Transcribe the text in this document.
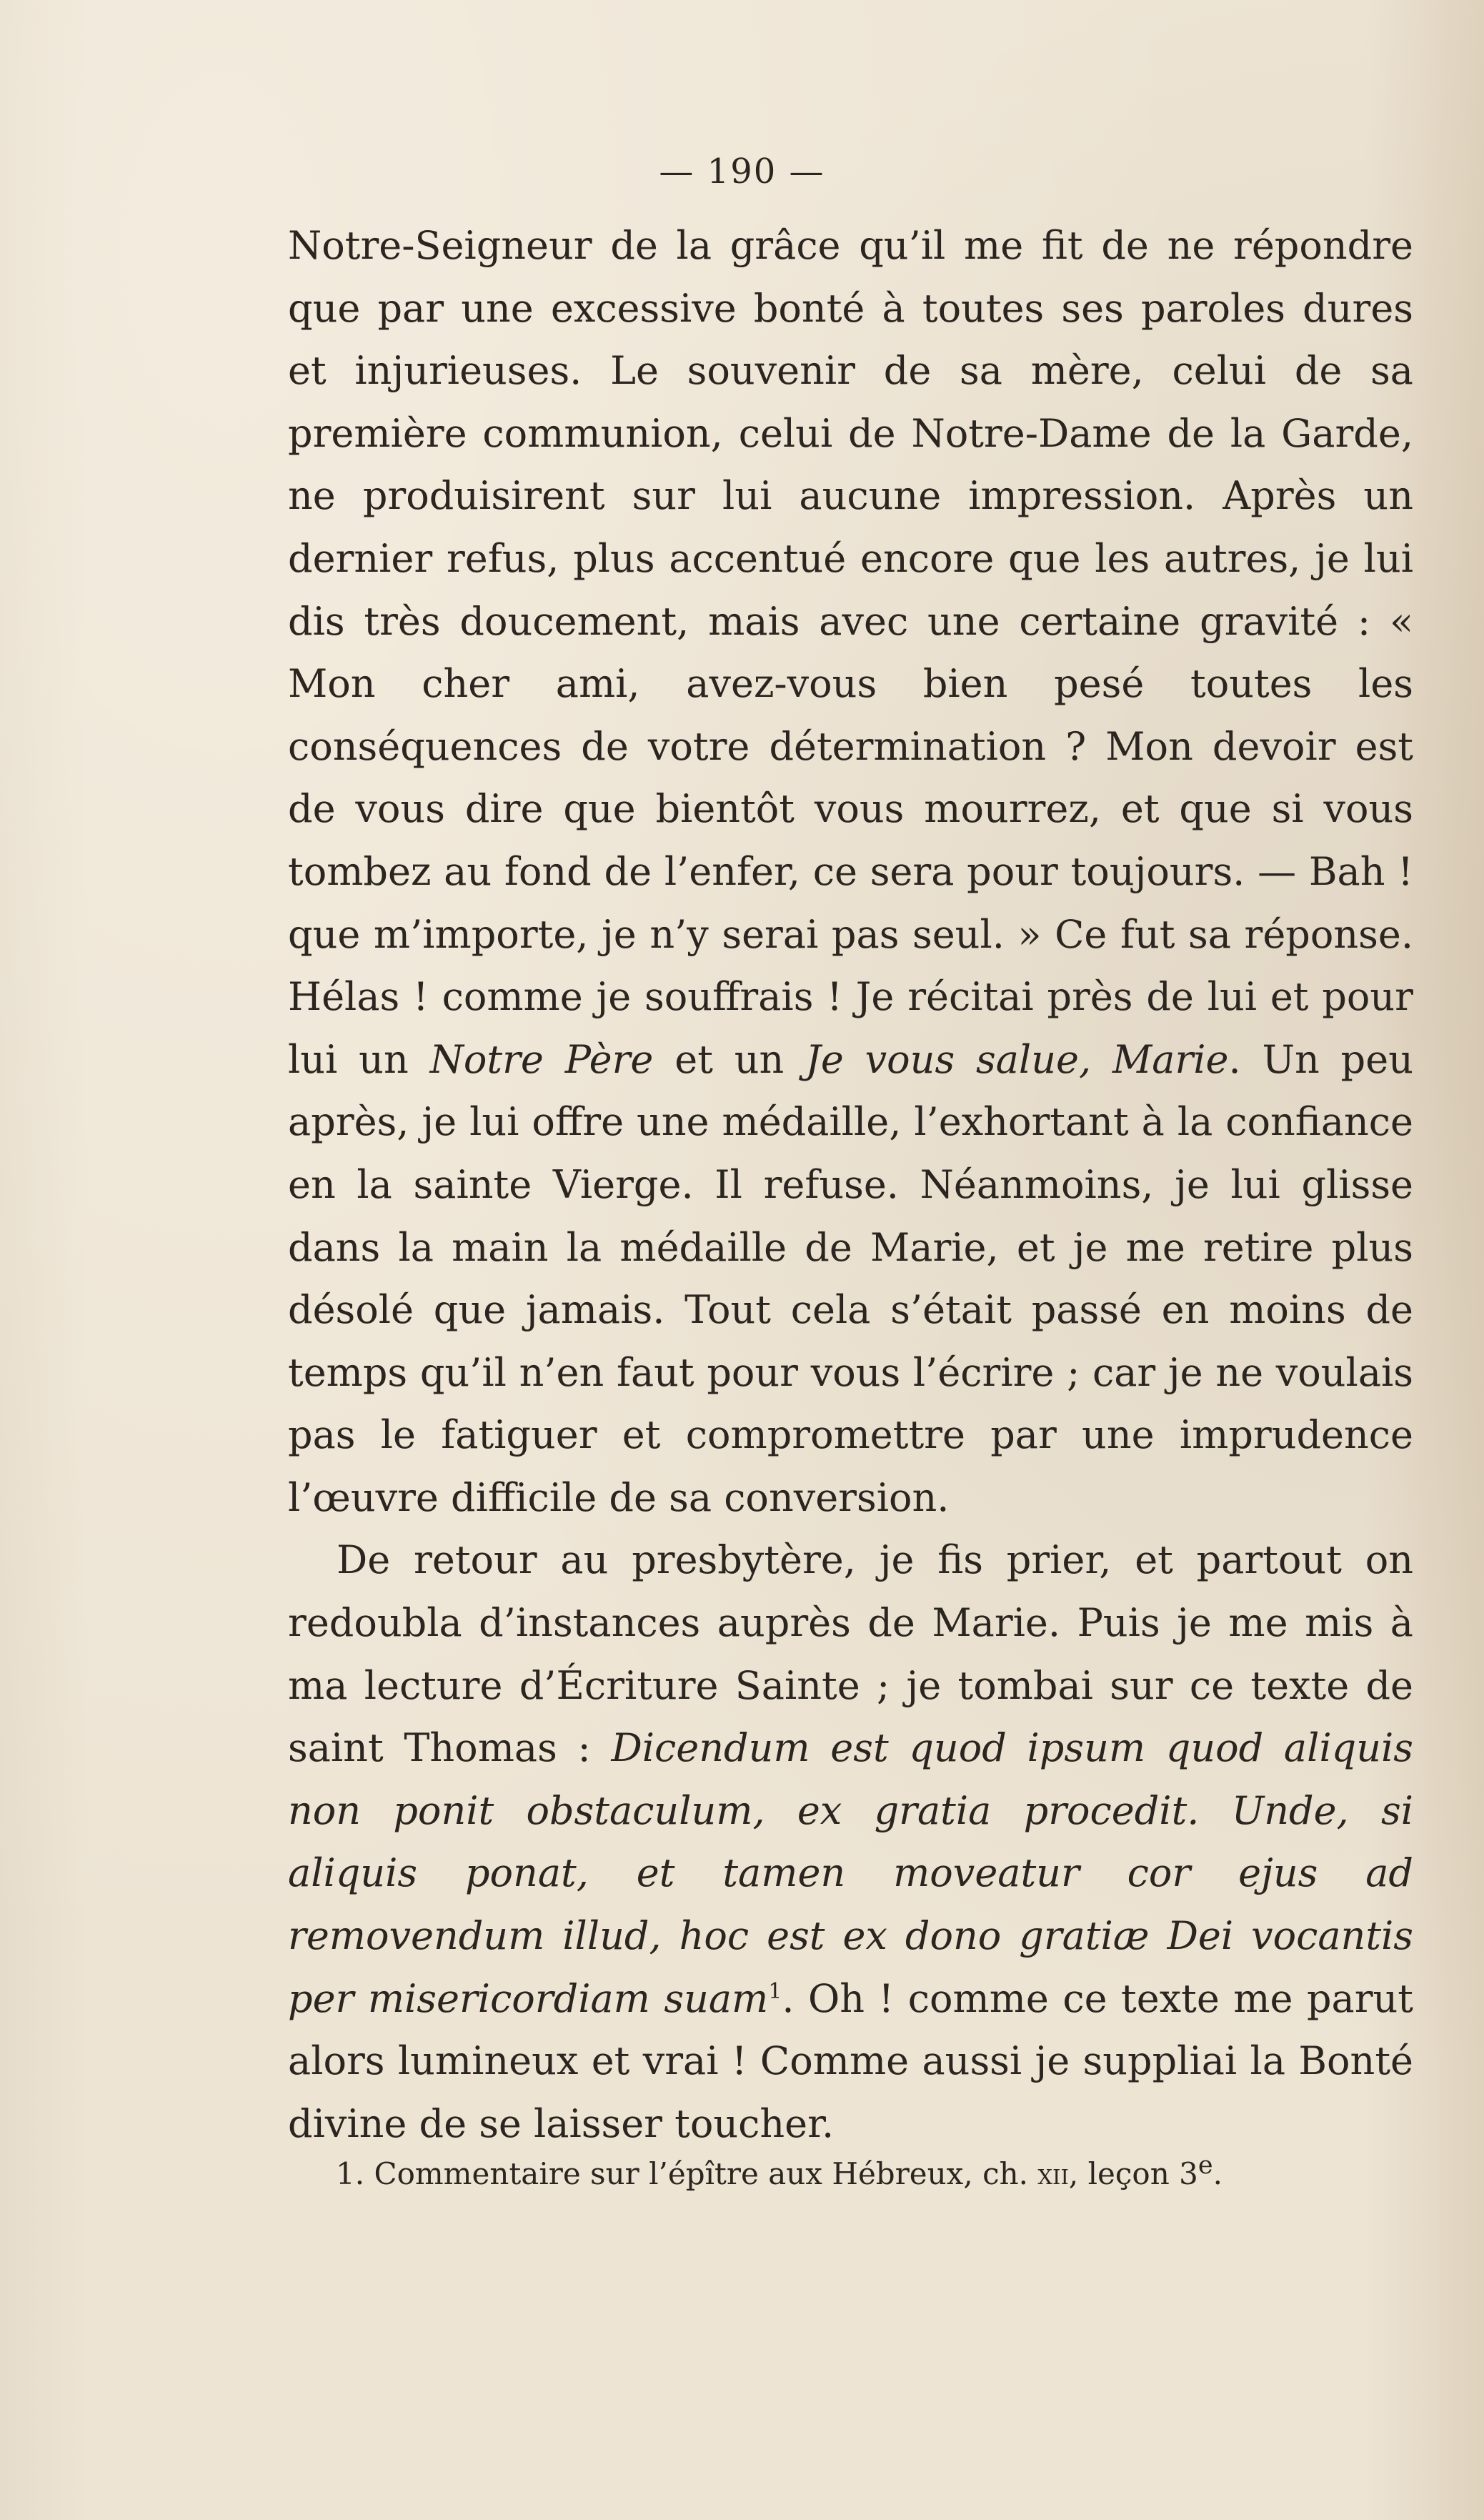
— 190 —

Notre-Seigneur de la grâce qu’il me fit de ne répondre que par une excessive bonté à toutes ses paroles dures et injurieuses. Le souvenir de sa mère, celui de sa première communion, celui de Notre-Dame de la Garde, ne produisirent sur lui aucune impression. Après un dernier refus, plus accentué encore que les autres, je lui dis très doucement, mais avec une certaine gravité : « Mon cher ami, avez-vous bien pesé toutes les conséquences de votre détermination ? Mon devoir est de vous dire que bientôt vous mourrez, et que si vous tombez au fond de l’enfer, ce sera pour toujours. — Bah ! que m’importe, je n’y serai pas seul. » Ce fut sa réponse. Hélas ! comme je souffrais ! Je récitai près de lui et pour lui un Notre Père et un Je vous salue, Marie. Un peu après, je lui offre une médaille, l’exhortant à la confiance en la sainte Vierge. Il refuse. Néanmoins, je lui glisse dans la main la médaille de Marie, et je me retire plus désolé que jamais. Tout cela s’était passé en moins de temps qu’il n’en faut pour vous l’écrire ; car je ne voulais pas le fatiguer et compromettre par une imprudence l’œuvre difficile de sa conversion.

De retour au presbytère, je fis prier, et partout on redoubla d’instances auprès de Marie. Puis je me mis à ma lecture d’Écriture Sainte ; je tombai sur ce texte de saint Thomas : Dicendum est quod ipsum quod aliquis non ponit obstaculum, ex gratia procedit. Unde, si aliquis ponat, et tamen moveatur cor ejus ad removendum illud, hoc est ex dono gratiæ Dei vocantis per misericordiam suam$^1$. Oh ! comme ce texte me parut alors lumineux et vrai ! Comme aussi je suppliai la Bonté divine de se laisser toucher.

1. Commentaire sur l’épître aux Hébreux, ch. xii, leçon 3e.
